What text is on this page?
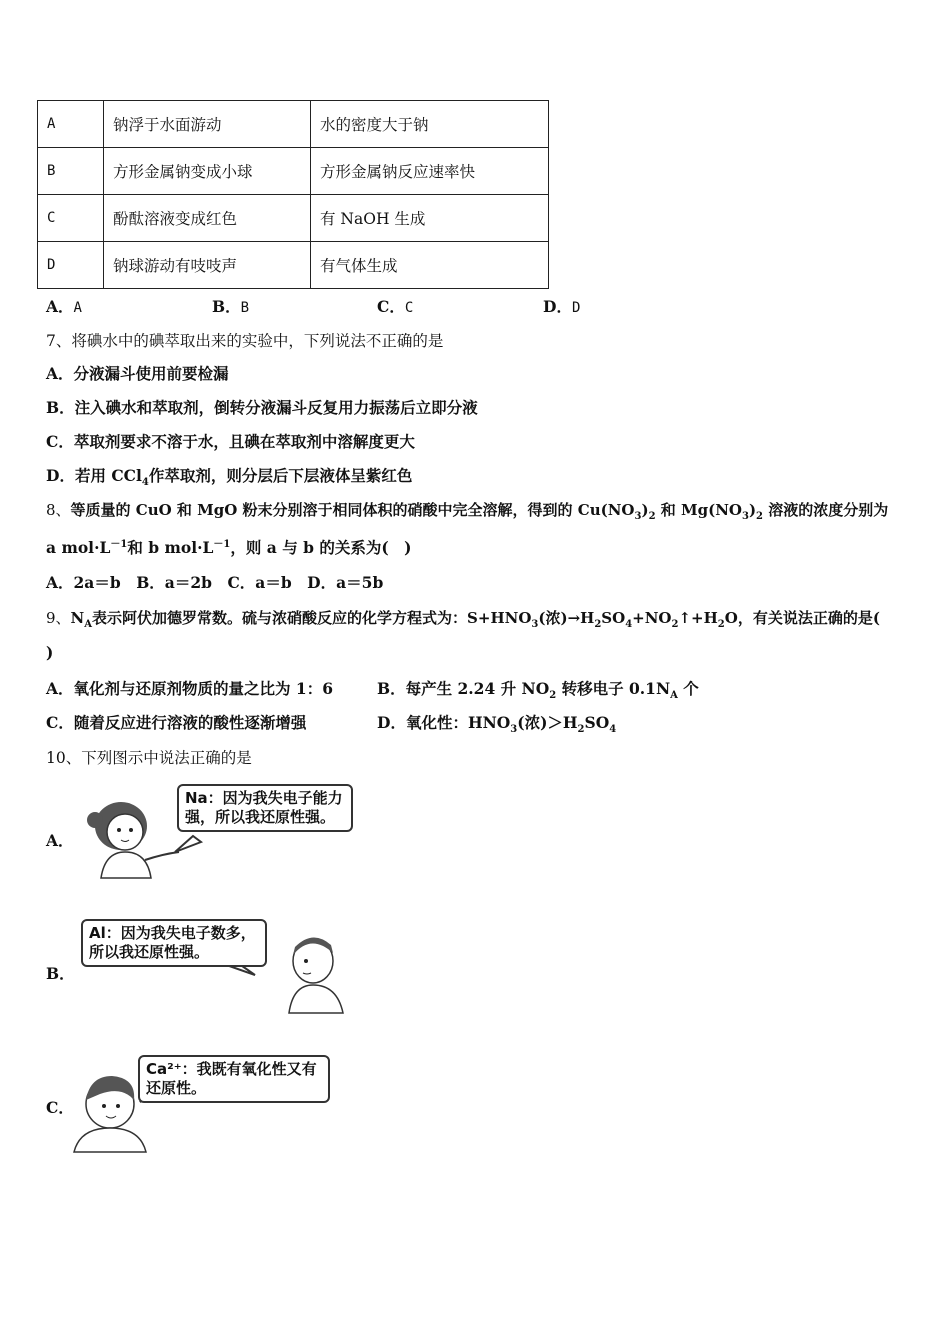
A	钠浮于水面游动	水的密度大于钠
B	方形金属钠变成小球	方形金属钠反应速率快
C	酚酞溶液变成红色	有 NaOH 生成
D	钠球游动有吱吱声	有气体生成
A．A	B．B	C．C	D．D
7、将碘水中的碘萃取出来的实验中，下列说法不正确的是
A．分液漏斗使用前要检漏
B．注入碘水和萃取剂，倒转分液漏斗反复用力振荡后立即分液
C．萃取剂要求不溶于水，且碘在萃取剂中溶解度更大
D．若用 CCl$_4$作萃取剂，则分层后下层液体呈紫红色
8、等质量的 CuO 和 MgO 粉末分别溶于相同体积的硝酸中完全溶解，得到的 $Cu(NO_3)_2$ 和 $Mg(NO_3)_2$ 溶液的浓度分别为
a $mol\cdot L^{-1}$和 b $mol\cdot L^{-1}$，则 a 与 b 的关系为(　)
A．2a＝b　B．a＝2b　C．a＝b　D．a＝5b
9、$N_A$表示阿伏加德罗常数。硫与浓硝酸反应的化学方程式为：$S+HNO_3$(浓)$\to H_2SO_4+NO_2↑+H_2O$，有关说法正确的是(
)
A．氧化剂与还原剂物质的量之比为 1：6	B．每产生 2.24 升 $NO_2$ 转移电子 $0.1N_A$ 个
C．随着反应进行溶液的酸性逐渐增强	D．氧化性：$HNO_3$(浓)$>H_2SO_4$
10、下列图示中说法正确的是
A．
Na：因为我失电子能力强，所以我还原性强。
B．
Al：因为我失电子数多，所以我还原性强。
C．
Ca²⁺：我既有氧化性又有还原性。
